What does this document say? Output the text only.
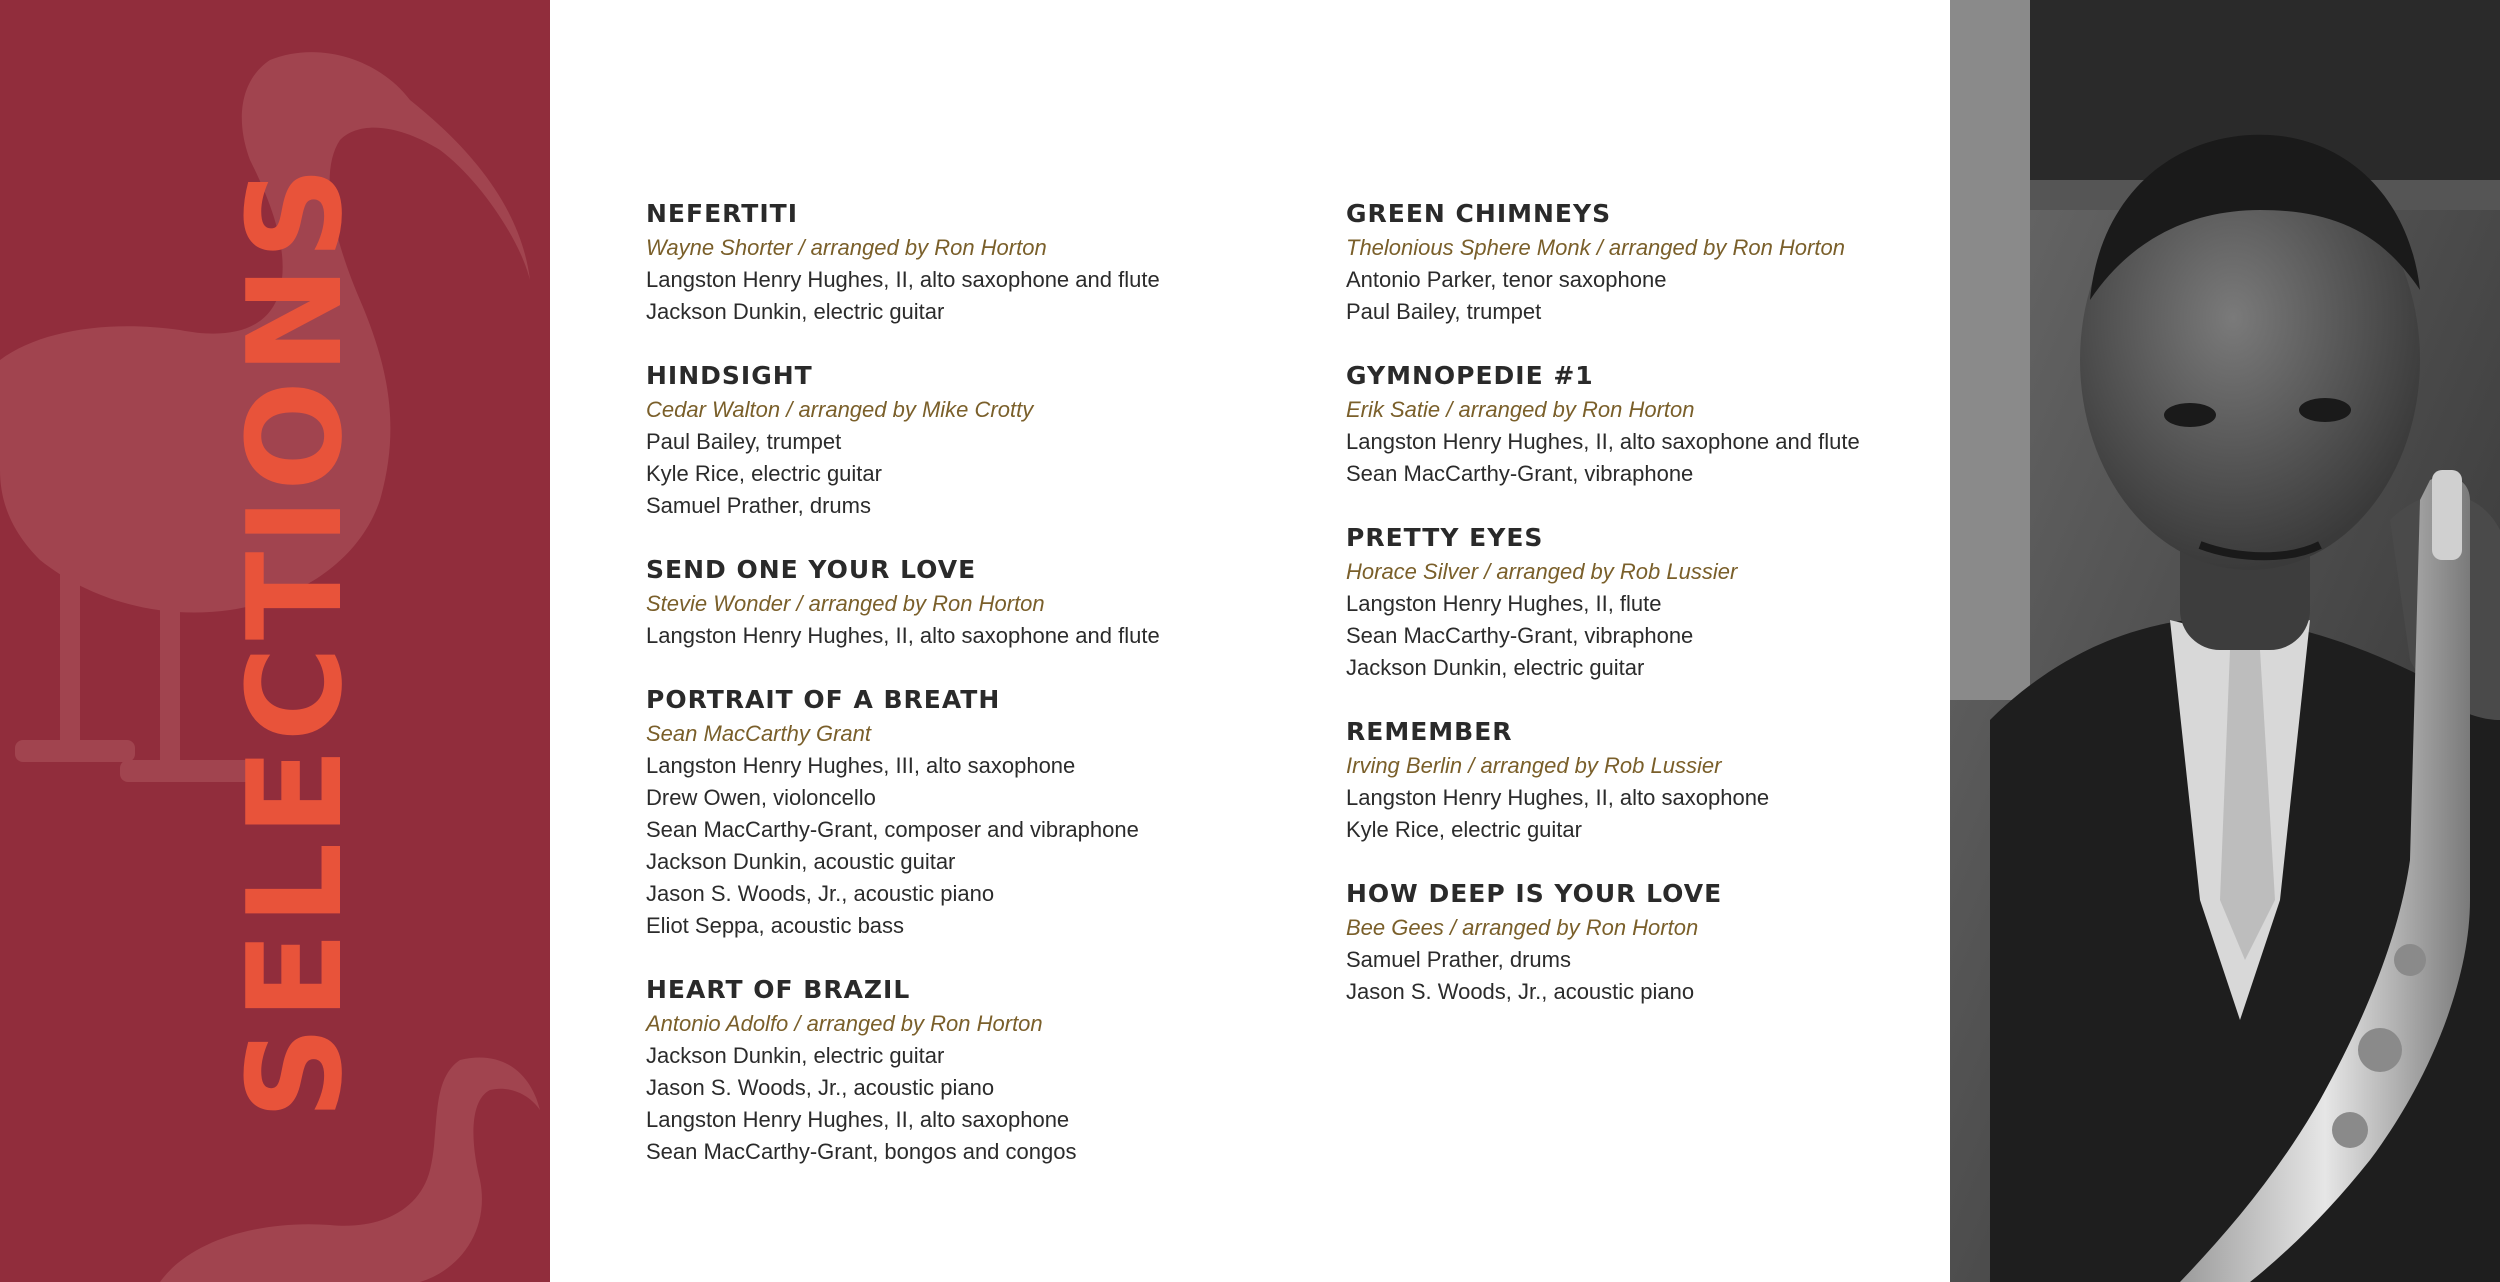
SELECTIONS	NEFERTITI
Wayne Shorter / arranged by Ron Horton
Langston Henry Hughes, II, alto saxophone and flute
Jackson Dunkin, electric guitar
HINDSIGHT
Cedar Walton / arranged by Mike Crotty
Paul Bailey, trumpet
Kyle Rice, electric guitar
Samuel Prather, drums
SEND ONE YOUR LOVE
Stevie Wonder / arranged by Ron Horton
Langston Henry Hughes, II, alto saxophone and flute
PORTRAIT OF A BREATH
Sean MacCarthy Grant
Langston Henry Hughes, III, alto saxophone
Drew Owen, violoncello
Sean MacCarthy-Grant, composer and vibraphone
Jackson Dunkin, acoustic guitar
Jason S. Woods, Jr., acoustic piano
Eliot Seppa, acoustic bass
HEART OF BRAZIL
Antonio Adolfo / arranged by Ron Horton
Jackson Dunkin, electric guitar
Jason S. Woods, Jr., acoustic piano
Langston Henry Hughes, II, alto saxophone
Sean MacCarthy-Grant, bongos and congos
GREEN CHIMNEYS
Thelonious Sphere Monk / arranged by Ron Horton
Antonio Parker, tenor saxophone
Paul Bailey, trumpet
GYMNOPEDIE #1
Erik Satie / arranged by Ron Horton
Langston Henry Hughes, II, alto saxophone and flute
Sean MacCarthy-Grant, vibraphone
PRETTY EYES
Horace Silver / arranged by Rob Lussier
Langston Henry Hughes, II, flute
Sean MacCarthy-Grant, vibraphone
Jackson Dunkin, electric guitar
REMEMBER
Irving Berlin / arranged by Rob Lussier
Langston Henry Hughes, II, alto saxophone
Kyle Rice, electric guitar
HOW DEEP IS YOUR LOVE
Bee Gees / arranged by Ron Horton
Samuel Prather, drums
Jason S. Woods, Jr., acoustic piano
